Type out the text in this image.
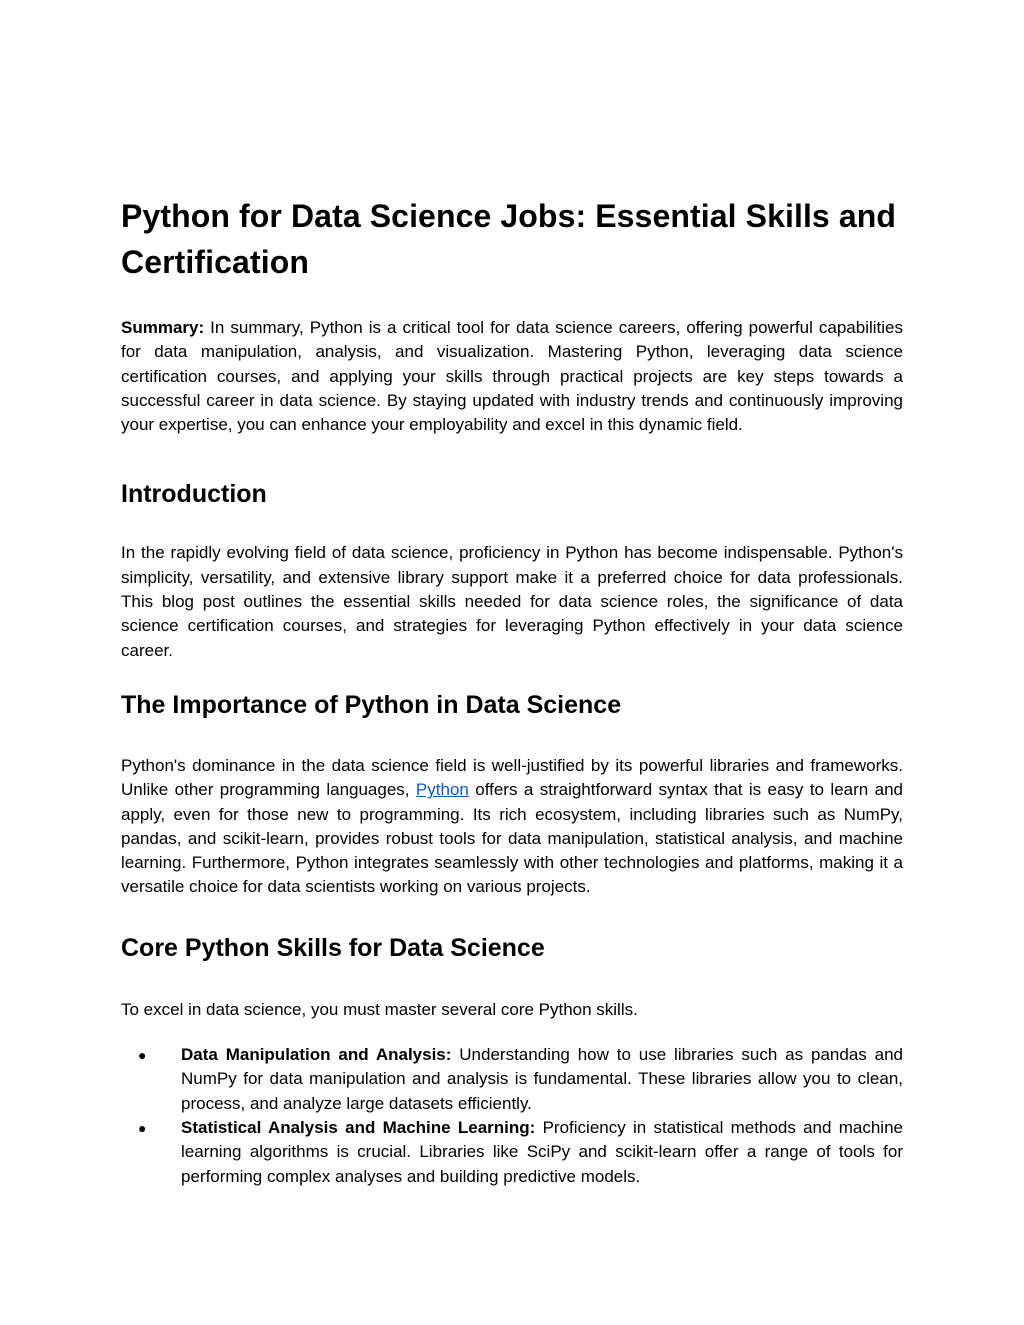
Python for Data Science Jobs: Essential Skills and Certification

Summary: In summary, Python is a critical tool for data science careers, offering powerful capabilities for data manipulation, analysis, and visualization. Mastering Python, leveraging data science certification courses, and applying your skills through practical projects are key steps towards a successful career in data science. By staying updated with industry trends and continuously improving your expertise, you can enhance your employability and excel in this dynamic field.

Introduction

In the rapidly evolving field of data science, proficiency in Python has become indispensable. Python's simplicity, versatility, and extensive library support make it a preferred choice for data professionals. This blog post outlines the essential skills needed for data science roles, the significance of data science certification courses, and strategies for leveraging Python effectively in your data science career.

The Importance of Python in Data Science

Python's dominance in the data science field is well-justified by its powerful libraries and frameworks. Unlike other programming languages, Python offers a straightforward syntax that is easy to learn and apply, even for those new to programming. Its rich ecosystem, including libraries such as NumPy, pandas, and scikit-learn, provides robust tools for data manipulation, statistical analysis, and machine learning. Furthermore, Python integrates seamlessly with other technologies and platforms, making it a versatile choice for data scientists working on various projects.

Core Python Skills for Data Science

To excel in data science, you must master several core Python skills.

● Data Manipulation and Analysis: Understanding how to use libraries such as pandas and NumPy for data manipulation and analysis is fundamental. These libraries allow you to clean, process, and analyze large datasets efficiently.
● Statistical Analysis and Machine Learning: Proficiency in statistical methods and machine learning algorithms is crucial. Libraries like SciPy and scikit-learn offer a range of tools for performing complex analyses and building predictive models.
